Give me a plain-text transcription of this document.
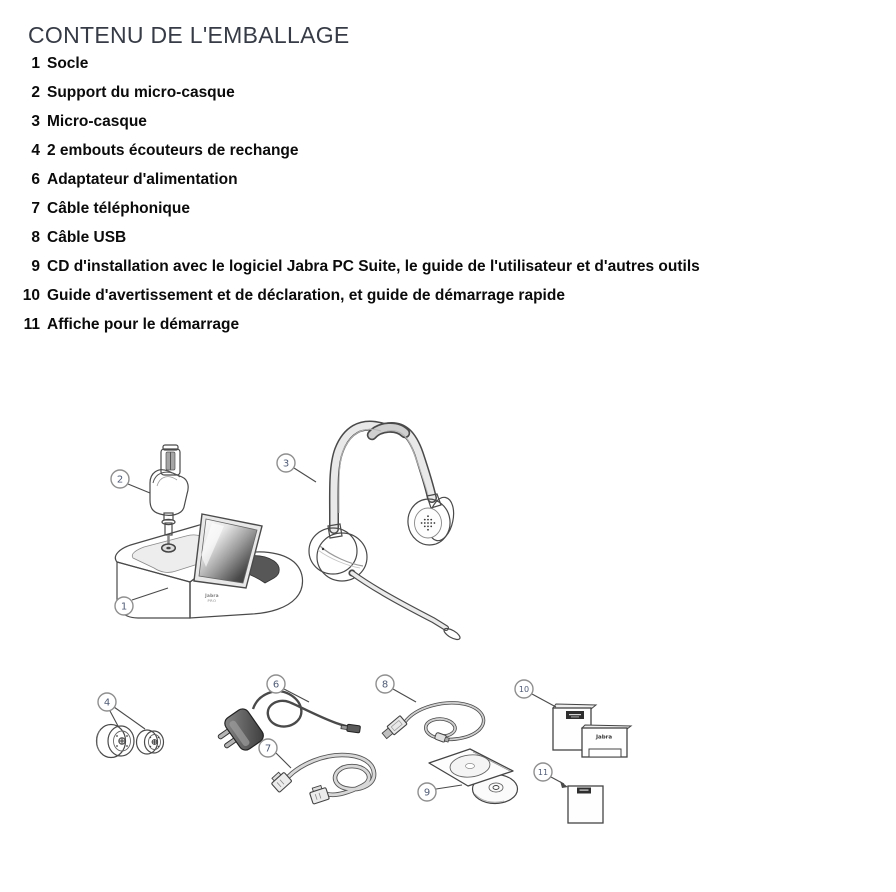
CONTENU DE L'EMBALLAGE
1 Socle
2 Support du micro-casque
3 Micro-casque
4 2 embouts écouteurs de rechange
6 Adaptateur d'alimentation
7 Câble téléphonique
8 Câble USB
9 CD d'installation avec le logiciel Jabra PC Suite, le guide de l'utilisateur et d'autres outils
10 Guide d'avertissement et de déclaration, et guide de démarrage rapide
11 Affiche pour le démarrage
Jabra
PRO
Jabra
1
2
3
4
6
7
8
9
10
11
